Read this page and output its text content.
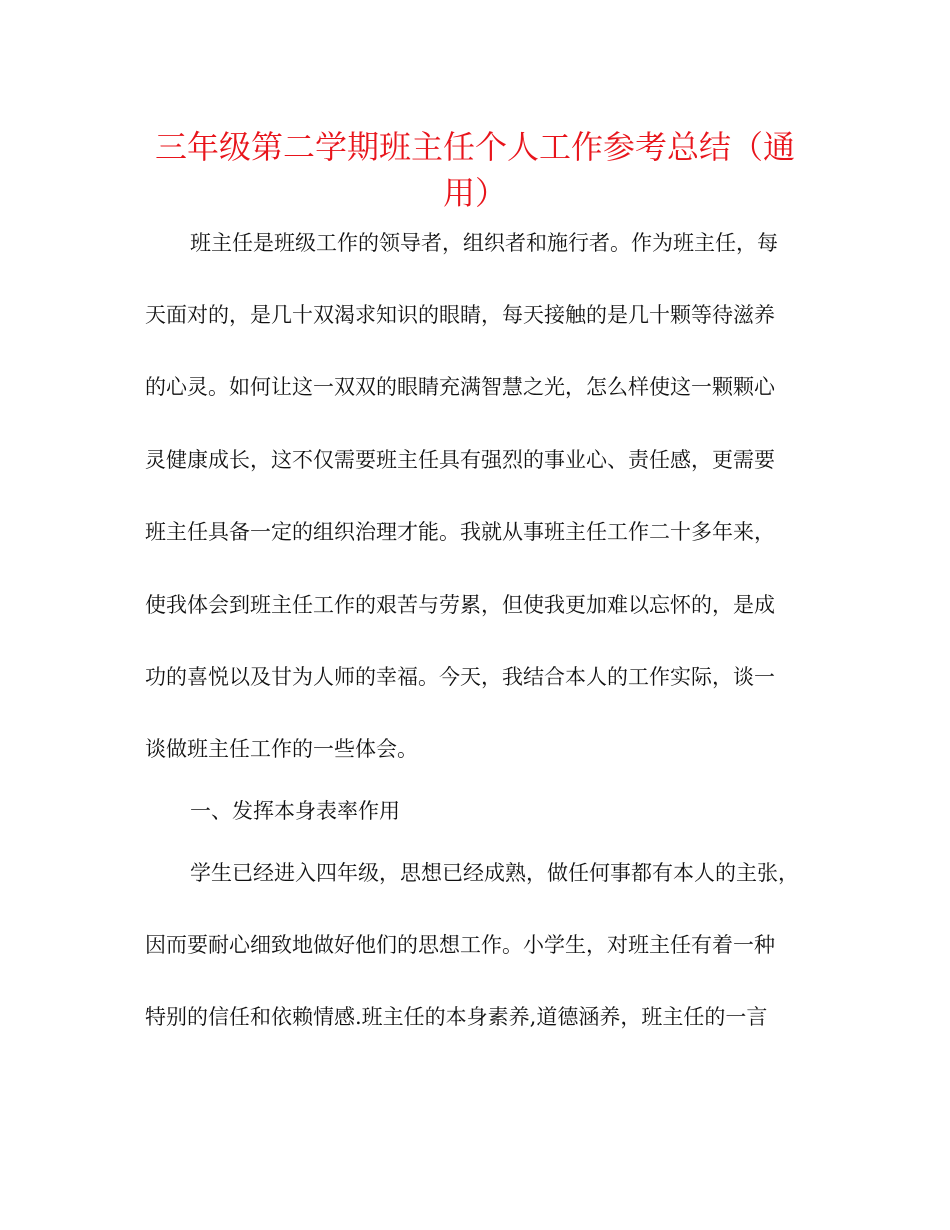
三年级第二学期班主任个人工作参考总结（通用）

班主任是班级工作的领导者，组织者和施行者。作为班主任，每

天面对的，是几十双渴求知识的眼睛，每天接触的是几十颗等待滋养

的心灵。如何让这一双双的眼睛充满智慧之光，怎么样使这一颗颗心

灵健康成长，这不仅需要班主任具有强烈的事业心、责任感，更需要

班主任具备一定的组织治理才能。我就从事班主任工作二十多年来，

使我体会到班主任工作的艰苦与劳累，但使我更加难以忘怀的，是成

功的喜悦以及甘为人师的幸福。今天，我结合本人的工作实际，谈一

谈做班主任工作的一些体会。

一、发挥本身表率作用

学生已经进入四年级，思想已经成熟，做任何事都有本人的主张，

因而要耐心细致地做好他们的思想工作。小学生，对班主任有着一种

特别的信任和依赖情感.班主任的本身素养,道德涵养，班主任的一言
